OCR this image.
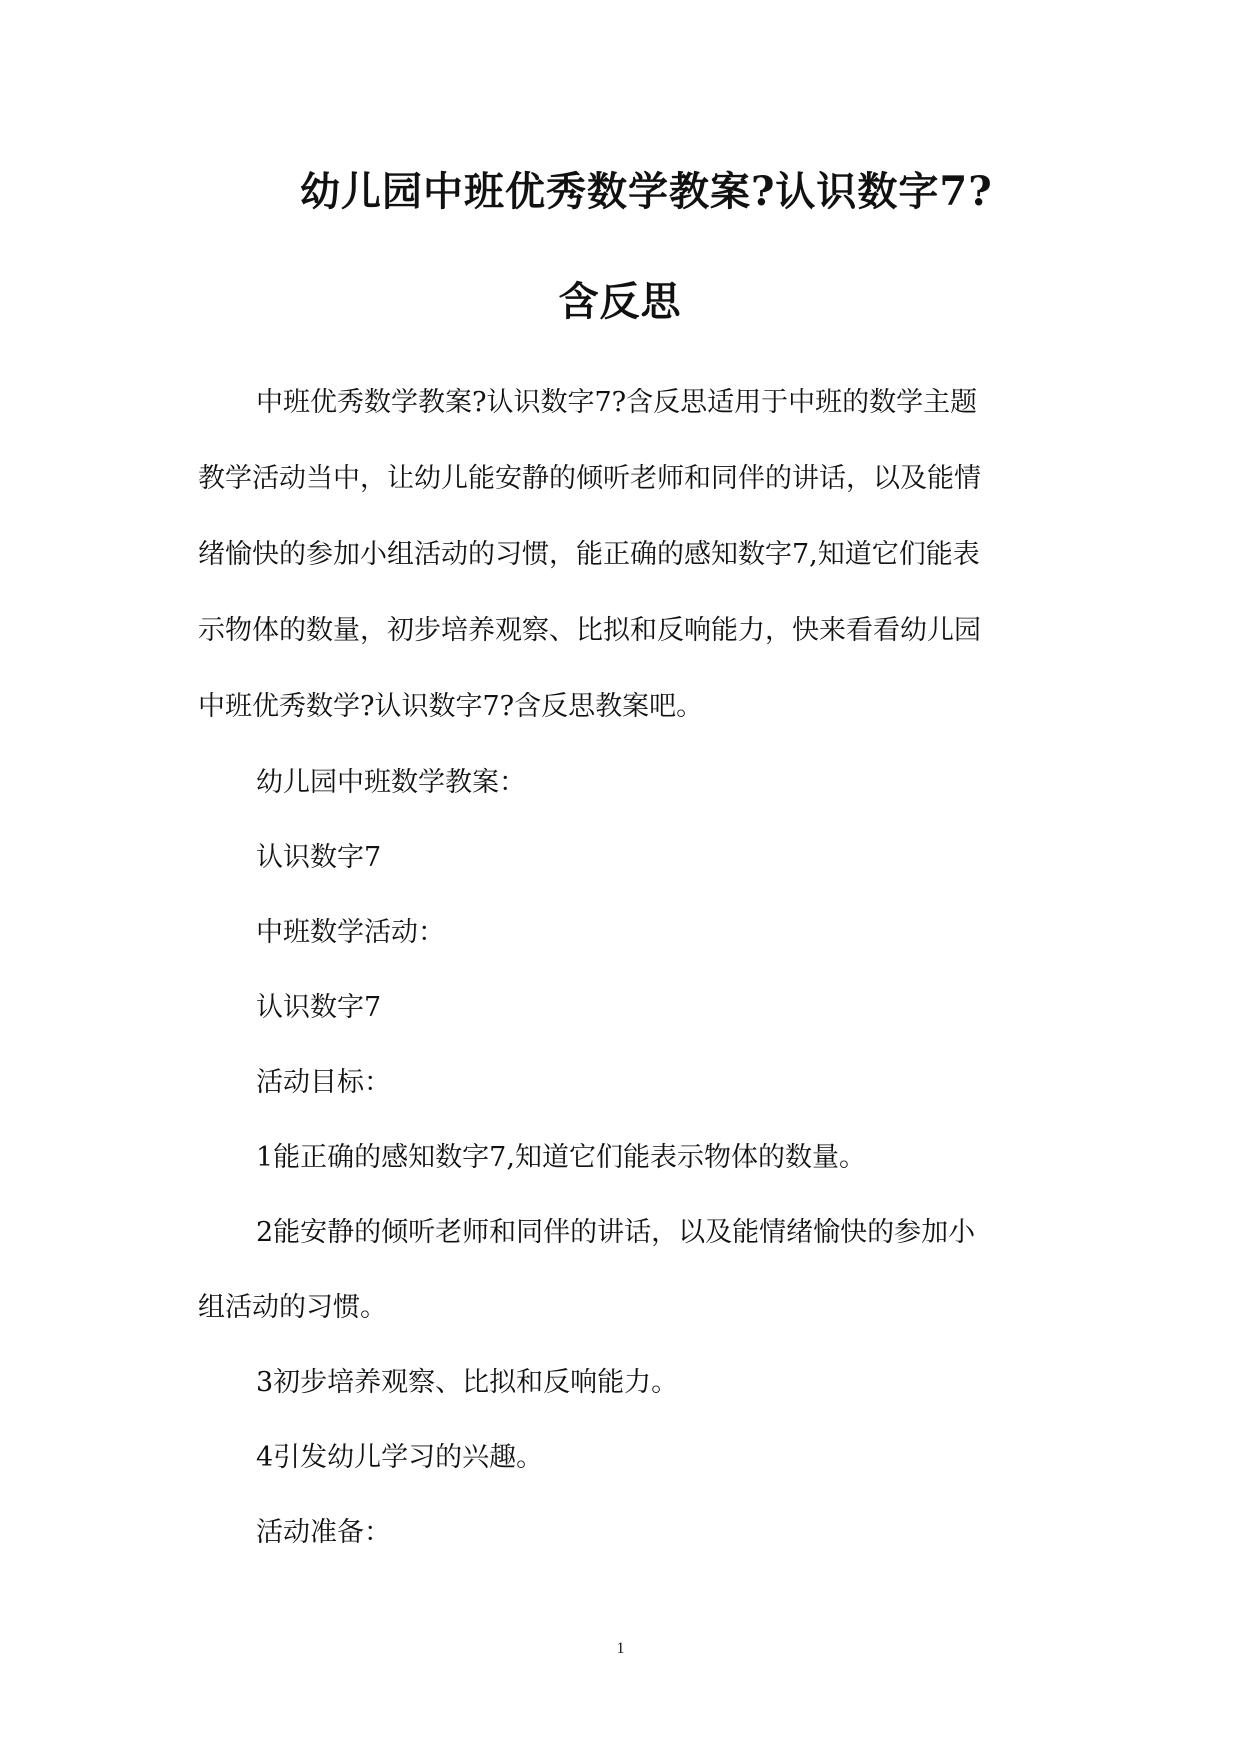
幼儿园中班优秀数学教案?认识数字7?
含反思
中班优秀数学教案?认识数字7?含反思适用于中班的数学主题
教学活动当中，让幼儿能安静的倾听老师和同伴的讲话，以及能情
绪愉快的参加小组活动的习惯，能正确的感知数字7,知道它们能表
示物体的数量，初步培养观察、比拟和反响能力，快来看看幼儿园
中班优秀数学?认识数字7?含反思教案吧。
幼儿园中班数学教案：
认识数字7
中班数学活动：
认识数字7
活动目标：
1能正确的感知数字7,知道它们能表示物体的数量。
2能安静的倾听老师和同伴的讲话，以及能情绪愉快的参加小
组活动的习惯。
3初步培养观察、比拟和反响能力。
4引发幼儿学习的兴趣。
活动准备：
1
